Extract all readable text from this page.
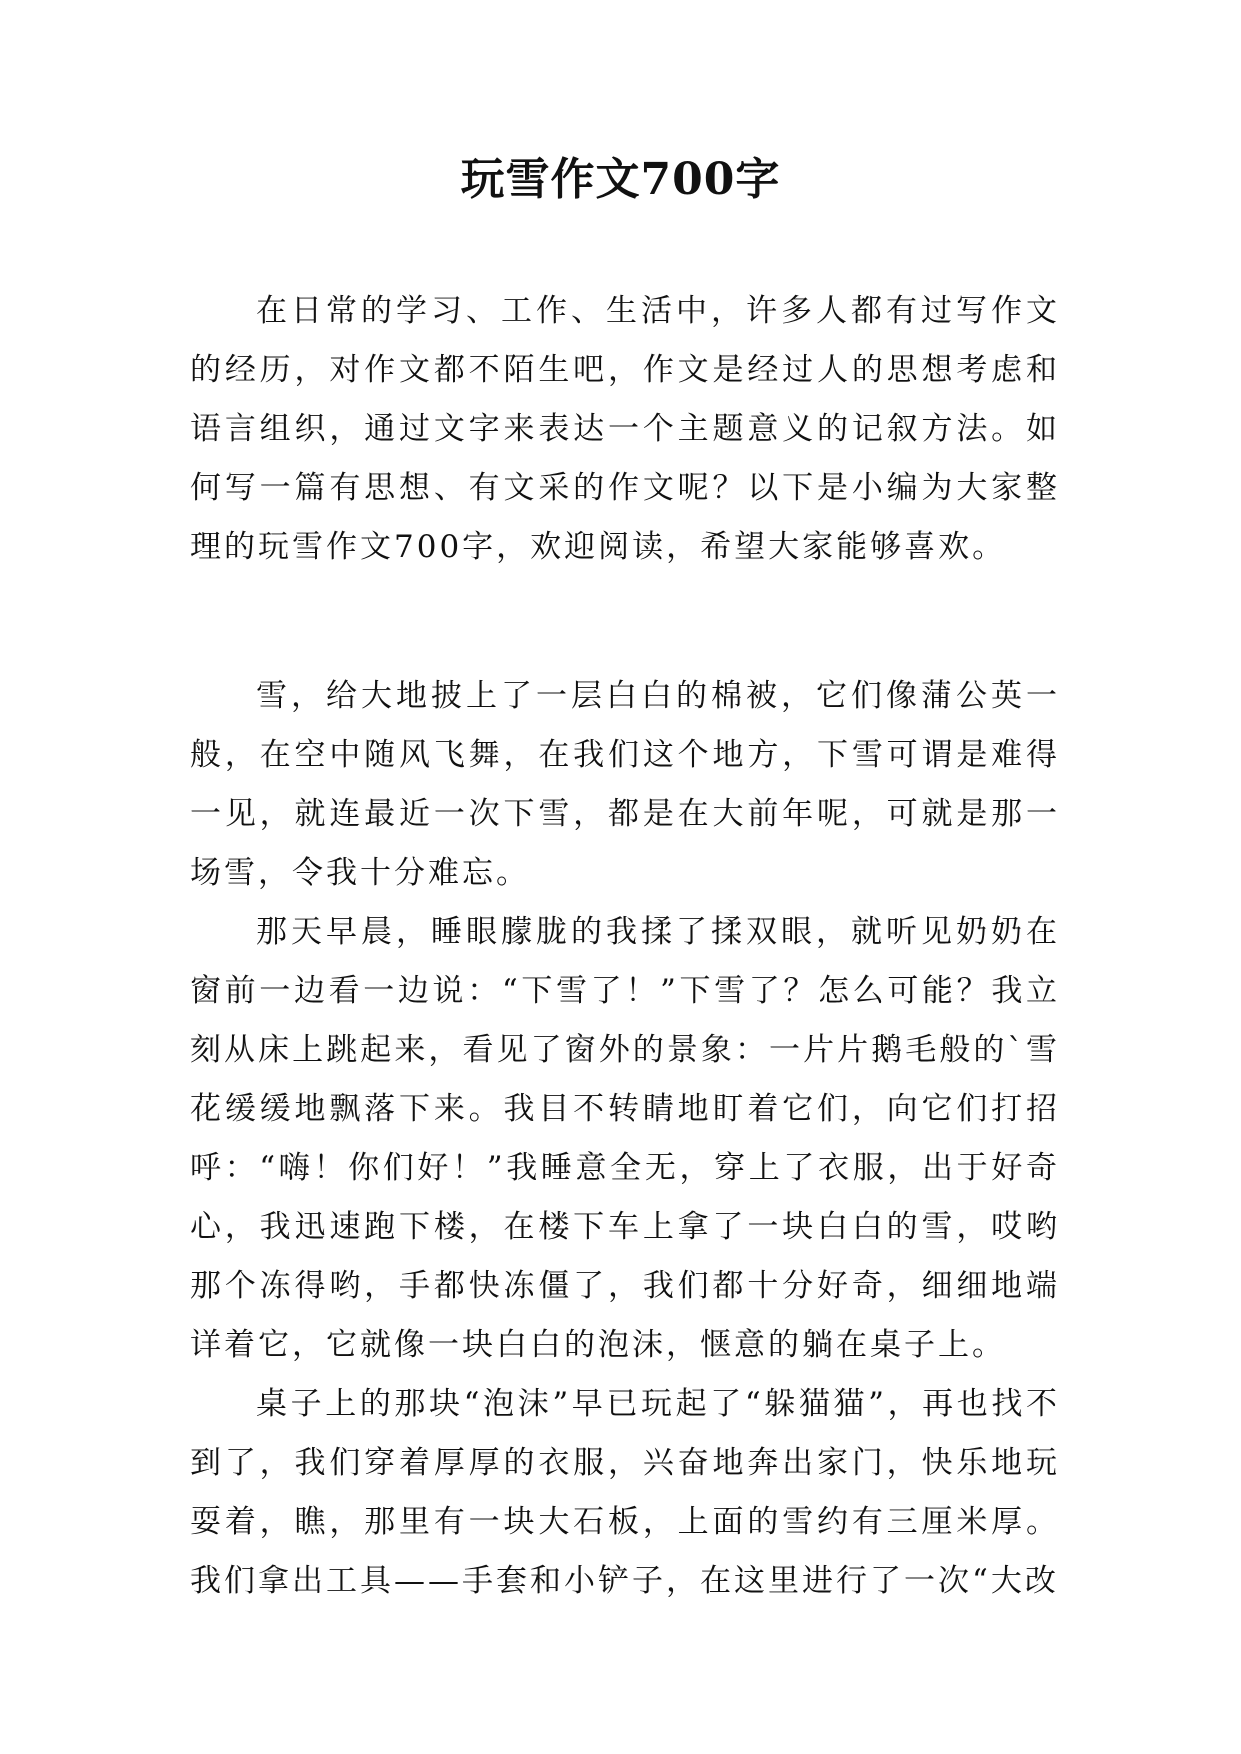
玩雪作文700字

在日常的学习、工作、生活中，许多人都有过写作文的经历，对作文都不陌生吧，作文是经过人的思想考虑和语言组织，通过文字来表达一个主题意义的记叙方法。如何写一篇有思想、有文采的作文呢？以下是小编为大家整理的玩雪作文700字，欢迎阅读，希望大家能够喜欢。

雪，给大地披上了一层白白的棉被，它们像蒲公英一般，在空中随风飞舞，在我们这个地方，下雪可谓是难得一见，就连最近一次下雪，都是在大前年呢，可就是那一场雪，令我十分难忘。

那天早晨，睡眼朦胧的我揉了揉双眼，就听见奶奶在窗前一边看一边说：“下雪了！”下雪了？怎么可能？我立刻从床上跳起来，看见了窗外的景象：一片片鹅毛般的`雪花缓缓地飘落下来。我目不转睛地盯着它们，向它们打招呼：“嗨！你们好！”我睡意全无，穿上了衣服，出于好奇心，我迅速跑下楼，在楼下车上拿了一块白白的雪，哎哟那个冻得哟，手都快冻僵了，我们都十分好奇，细细地端详着它，它就像一块白白的泡沫，惬意的躺在桌子上。

桌子上的那块“泡沫”早已玩起了“躲猫猫”，再也找不到了，我们穿着厚厚的衣服，兴奋地奔出家门，快乐地玩耍着，瞧，那里有一块大石板，上面的雪约有三厘米厚。我们拿出工具——手套和小铲子，在这里进行了一次“大改
